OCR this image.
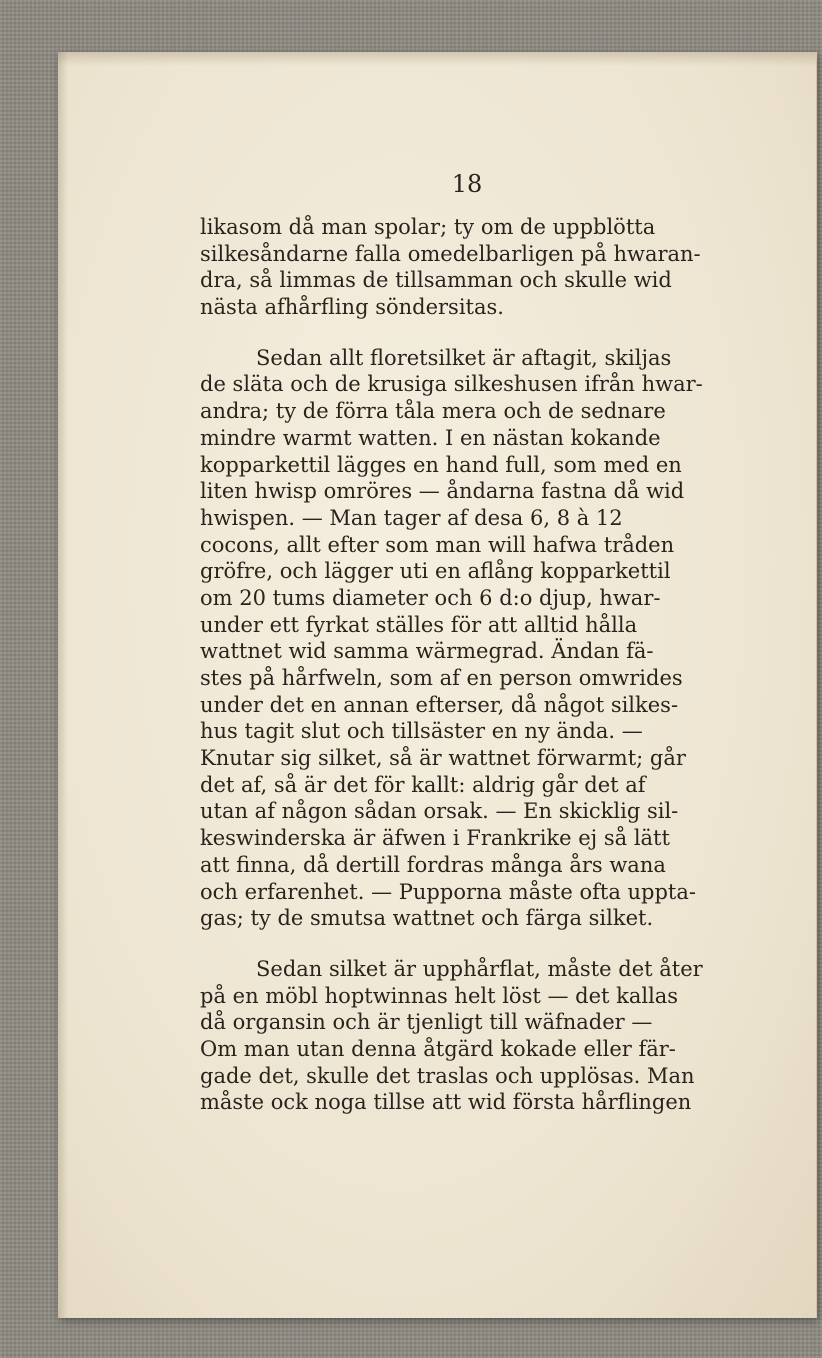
18
likasom då man spolar; ty om de uppblötta
silkesåndarne falla omedelbarligen på hwaran-
dra, så limmas de tillsamman och skulle wid
nästa afhårfling söndersitas.
Sedan allt floretsilket är aftagit, skiljas
de släta och de krusiga silkeshusen ifrån hwar-
andra; ty de förra tåla mera och de sednare
mindre warmt watten. I en nästan kokande
kopparkettil lägges en hand full, som med en
liten hwisp omröres — åndarna fastna då wid
hwispen. — Man tager af desa 6, 8 à 12
cocons, allt efter som man will hafwa tråden
gröfre, och lägger uti en aflång kopparkettil
om 20 tums diameter och 6 d:o djup, hwar-
under ett fyrkat ställes för att alltid hålla
wattnet wid samma wärmegrad. Ändan fä-
stes på hårfweln, som af en person omwrides
under det en annan efterser, då något silkes-
hus tagit slut och tillsäster en ny ända. —
Knutar sig silket, så är wattnet förwarmt; går
det af, så är det för kallt: aldrig går det af
utan af någon sådan orsak. — En skicklig sil-
keswinderska är äfwen i Frankrike ej så lätt
att finna, då dertill fordras många års wana
och erfarenhet. — Pupporna måste ofta uppta-
gas; ty de smutsa wattnet och färga silket.
Sedan silket är upphårflat, måste det åter
på en möbl hoptwinnas helt löst — det kallas
då organsin och är tjenligt till wäfnader —
Om man utan denna åtgärd kokade eller fär-
gade det, skulle det traslas och upplösas. Man
måste ock noga tillse att wid första hårflingen
